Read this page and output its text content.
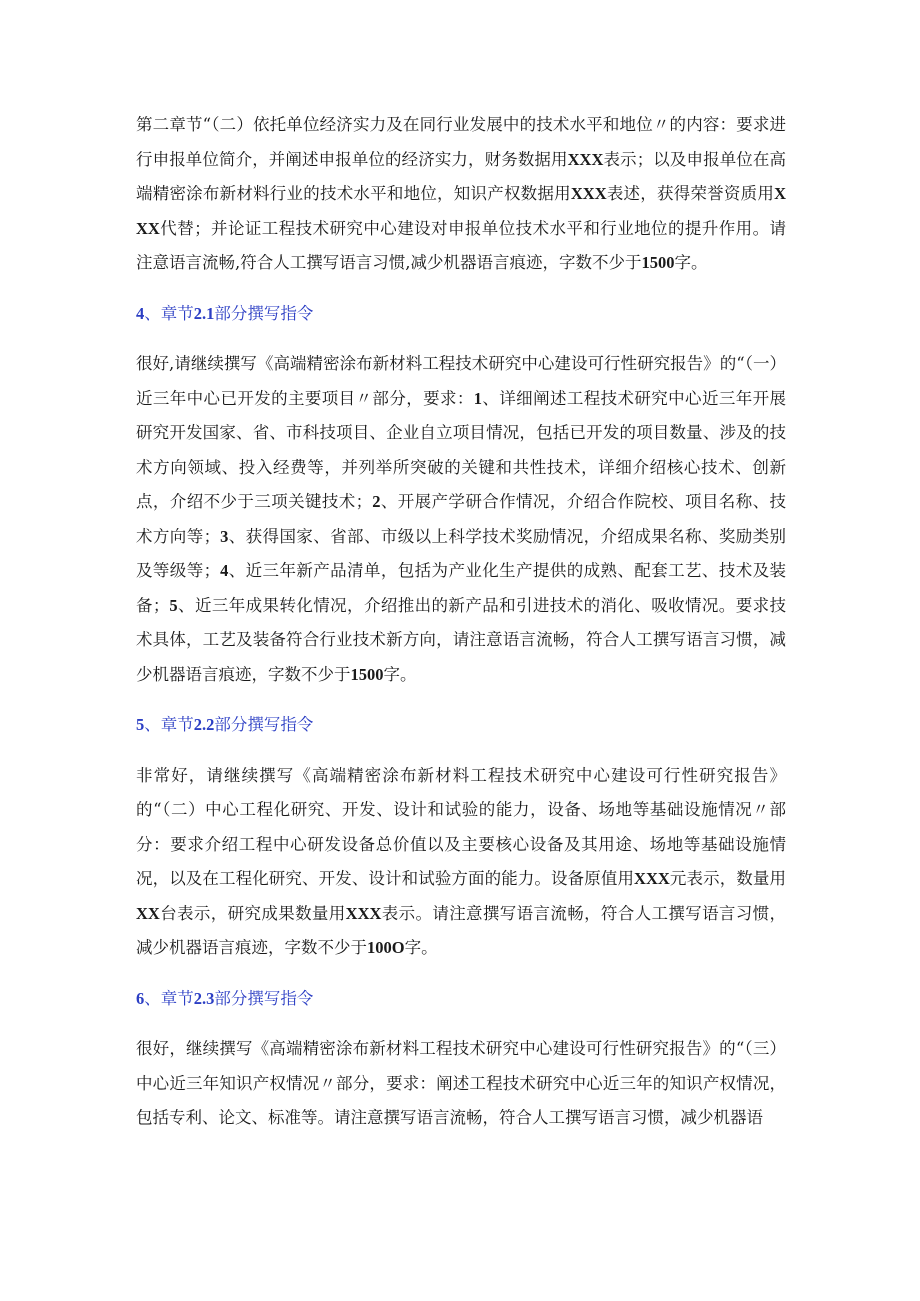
第二章节“（二）依托单位经济实力及在同行业发展中的技术水平和地位〃的内容：要求进行申报单位简介，并阐述申报单位的经济实力，财务数据用XXX表示；以及申报单位在高端精密涂布新材料行业的技术水平和地位，知识产权数据用XXX表述，获得荣誉资质用XXX代替；并论证工程技术研究中心建设对申报单位技术水平和行业地位的提升作用。请注意语言流畅,符合人工撰写语言习惯,减少机器语言痕迹，字数不少于1500字。

4、章节2.1部分撰写指令

很好,请继续撰写《高端精密涂布新材料工程技术研究中心建设可行性研究报告》的“（一）近三年中心已开发的主要项目〃部分，要求：1、详细阐述工程技术研究中心近三年开展研究开发国家、省、市科技项目、企业自立项目情况，包括已开发的项目数量、涉及的技术方向领域、投入经费等，并列举所突破的关键和共性技术，详细介绍核心技术、创新点，介绍不少于三项关键技术；2、开展产学研合作情况，介绍合作院校、项目名称、技术方向等；3、获得国家、省部、市级以上科学技术奖励情况，介绍成果名称、奖励类别及等级等；4、近三年新产品清单，包括为产业化生产提供的成熟、配套工艺、技术及装备；5、近三年成果转化情况，介绍推出的新产品和引进技术的消化、吸收情况。要求技术具体，工艺及装备符合行业技术新方向，请注意语言流畅，符合人工撰写语言习惯，减少机器语言痕迹，字数不少于1500字。

5、章节2.2部分撰写指令

非常好，请继续撰写《高端精密涂布新材料工程技术研究中心建设可行性研究报告》的“（二）中心工程化研究、开发、设计和试验的能力，设备、场地等基础设施情况〃部分：要求介绍工程中心研发设备总价值以及主要核心设备及其用途、场地等基础设施情况，以及在工程化研究、开发、设计和试验方面的能力。设备原值用XXX元表示，数量用XX台表示，研究成果数量用XXX表示。请注意撰写语言流畅，符合人工撰写语言习惯，减少机器语言痕迹，字数不少于100O字。

6、章节2.3部分撰写指令

很好，继续撰写《高端精密涂布新材料工程技术研究中心建设可行性研究报告》的“（三）中心近三年知识产权情况〃部分，要求：阐述工程技术研究中心近三年的知识产权情况，包括专利、论文、标准等。请注意撰写语言流畅，符合人工撰写语言习惯，减少机器语
